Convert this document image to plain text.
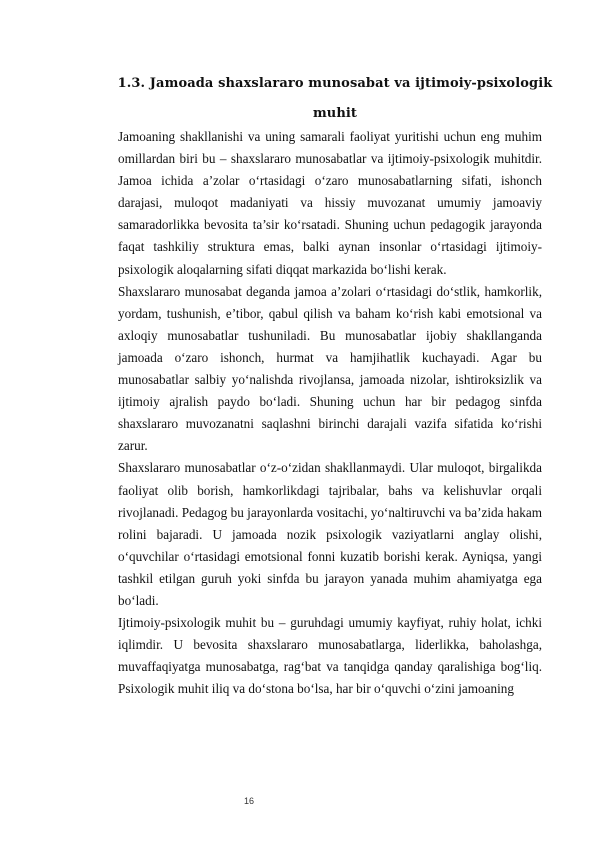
1.3. Jamoada shaxslararo munosabat va ijtimoiy-psixologik muhit

Jamoaning shakllanishi va uning samarali faoliyat yuritishi uchun eng muhim omillardan biri bu – shaxslararo munosabatlar va ijtimoiy-psixologik muhitdir. Jamoa ichida a’zolar o‘rtasidagi o‘zaro munosabatlarning sifati, ishonch darajasi, muloqot madaniyati va hissiy muvozanat umumiy jamoaviy samaradorlikka bevosita ta’sir ko‘rsatadi. Shuning uchun pedagogik jarayonda faqat tashkiliy struktura emas, balki aynan insonlar o‘rtasidagi ijtimoiy-psixologik aloqalarning sifati diqqat markazida bo‘lishi kerak.

Shaxslararo munosabat deganda jamoa a’zolari o‘rtasidagi do‘stlik, hamkorlik, yordam, tushunish, e’tibor, qabul qilish va baham ko‘rish kabi emotsional va axloqiy munosabatlar tushuniladi. Bu munosabatlar ijobiy shakllanganda jamoada o‘zaro ishonch, hurmat va hamjihatlik kuchayadi. Agar bu munosabatlar salbiy yo‘nalishda rivojlansa, jamoada nizolar, ishtiroksizlik va ijtimoiy ajralish paydo bo‘ladi. Shuning uchun har bir pedagog sinfda shaxslararo muvozanatni saqlashni birinchi darajali vazifa sifatida ko‘rishi zarur.

Shaxslararo munosabatlar o‘z-o‘zidan shakllanmaydi. Ular muloqot, birgalikda faoliyat olib borish, hamkorlikdagi tajribalar, bahs va kelishuvlar orqali rivojlanadi. Pedagog bu jarayonlarda vositachi, yo‘naltiruvchi va ba’zida hakam rolini bajaradi. U jamoada nozik psixologik vaziyatlarni anglay olishi, o‘quvchilar o‘rtasidagi emotsional fonni kuzatib borishi kerak. Ayniqsa, yangi tashkil etilgan guruh yoki sinfda bu jarayon yanada muhim ahamiyatga ega bo‘ladi.

Ijtimoiy-psixologik muhit bu – guruhdagi umumiy kayfiyat, ruhiy holat, ichki iqlimdir. U bevosita shaxslararo munosabatlarga, liderlikka, baholashga, muvaffaqiyatga munosabatga, rag‘bat va tanqidga qanday qaralishiga bog‘liq. Psixologik muhit iliq va do‘stona bo‘lsa, har bir o‘quvchi o‘zini jamoaning

16
